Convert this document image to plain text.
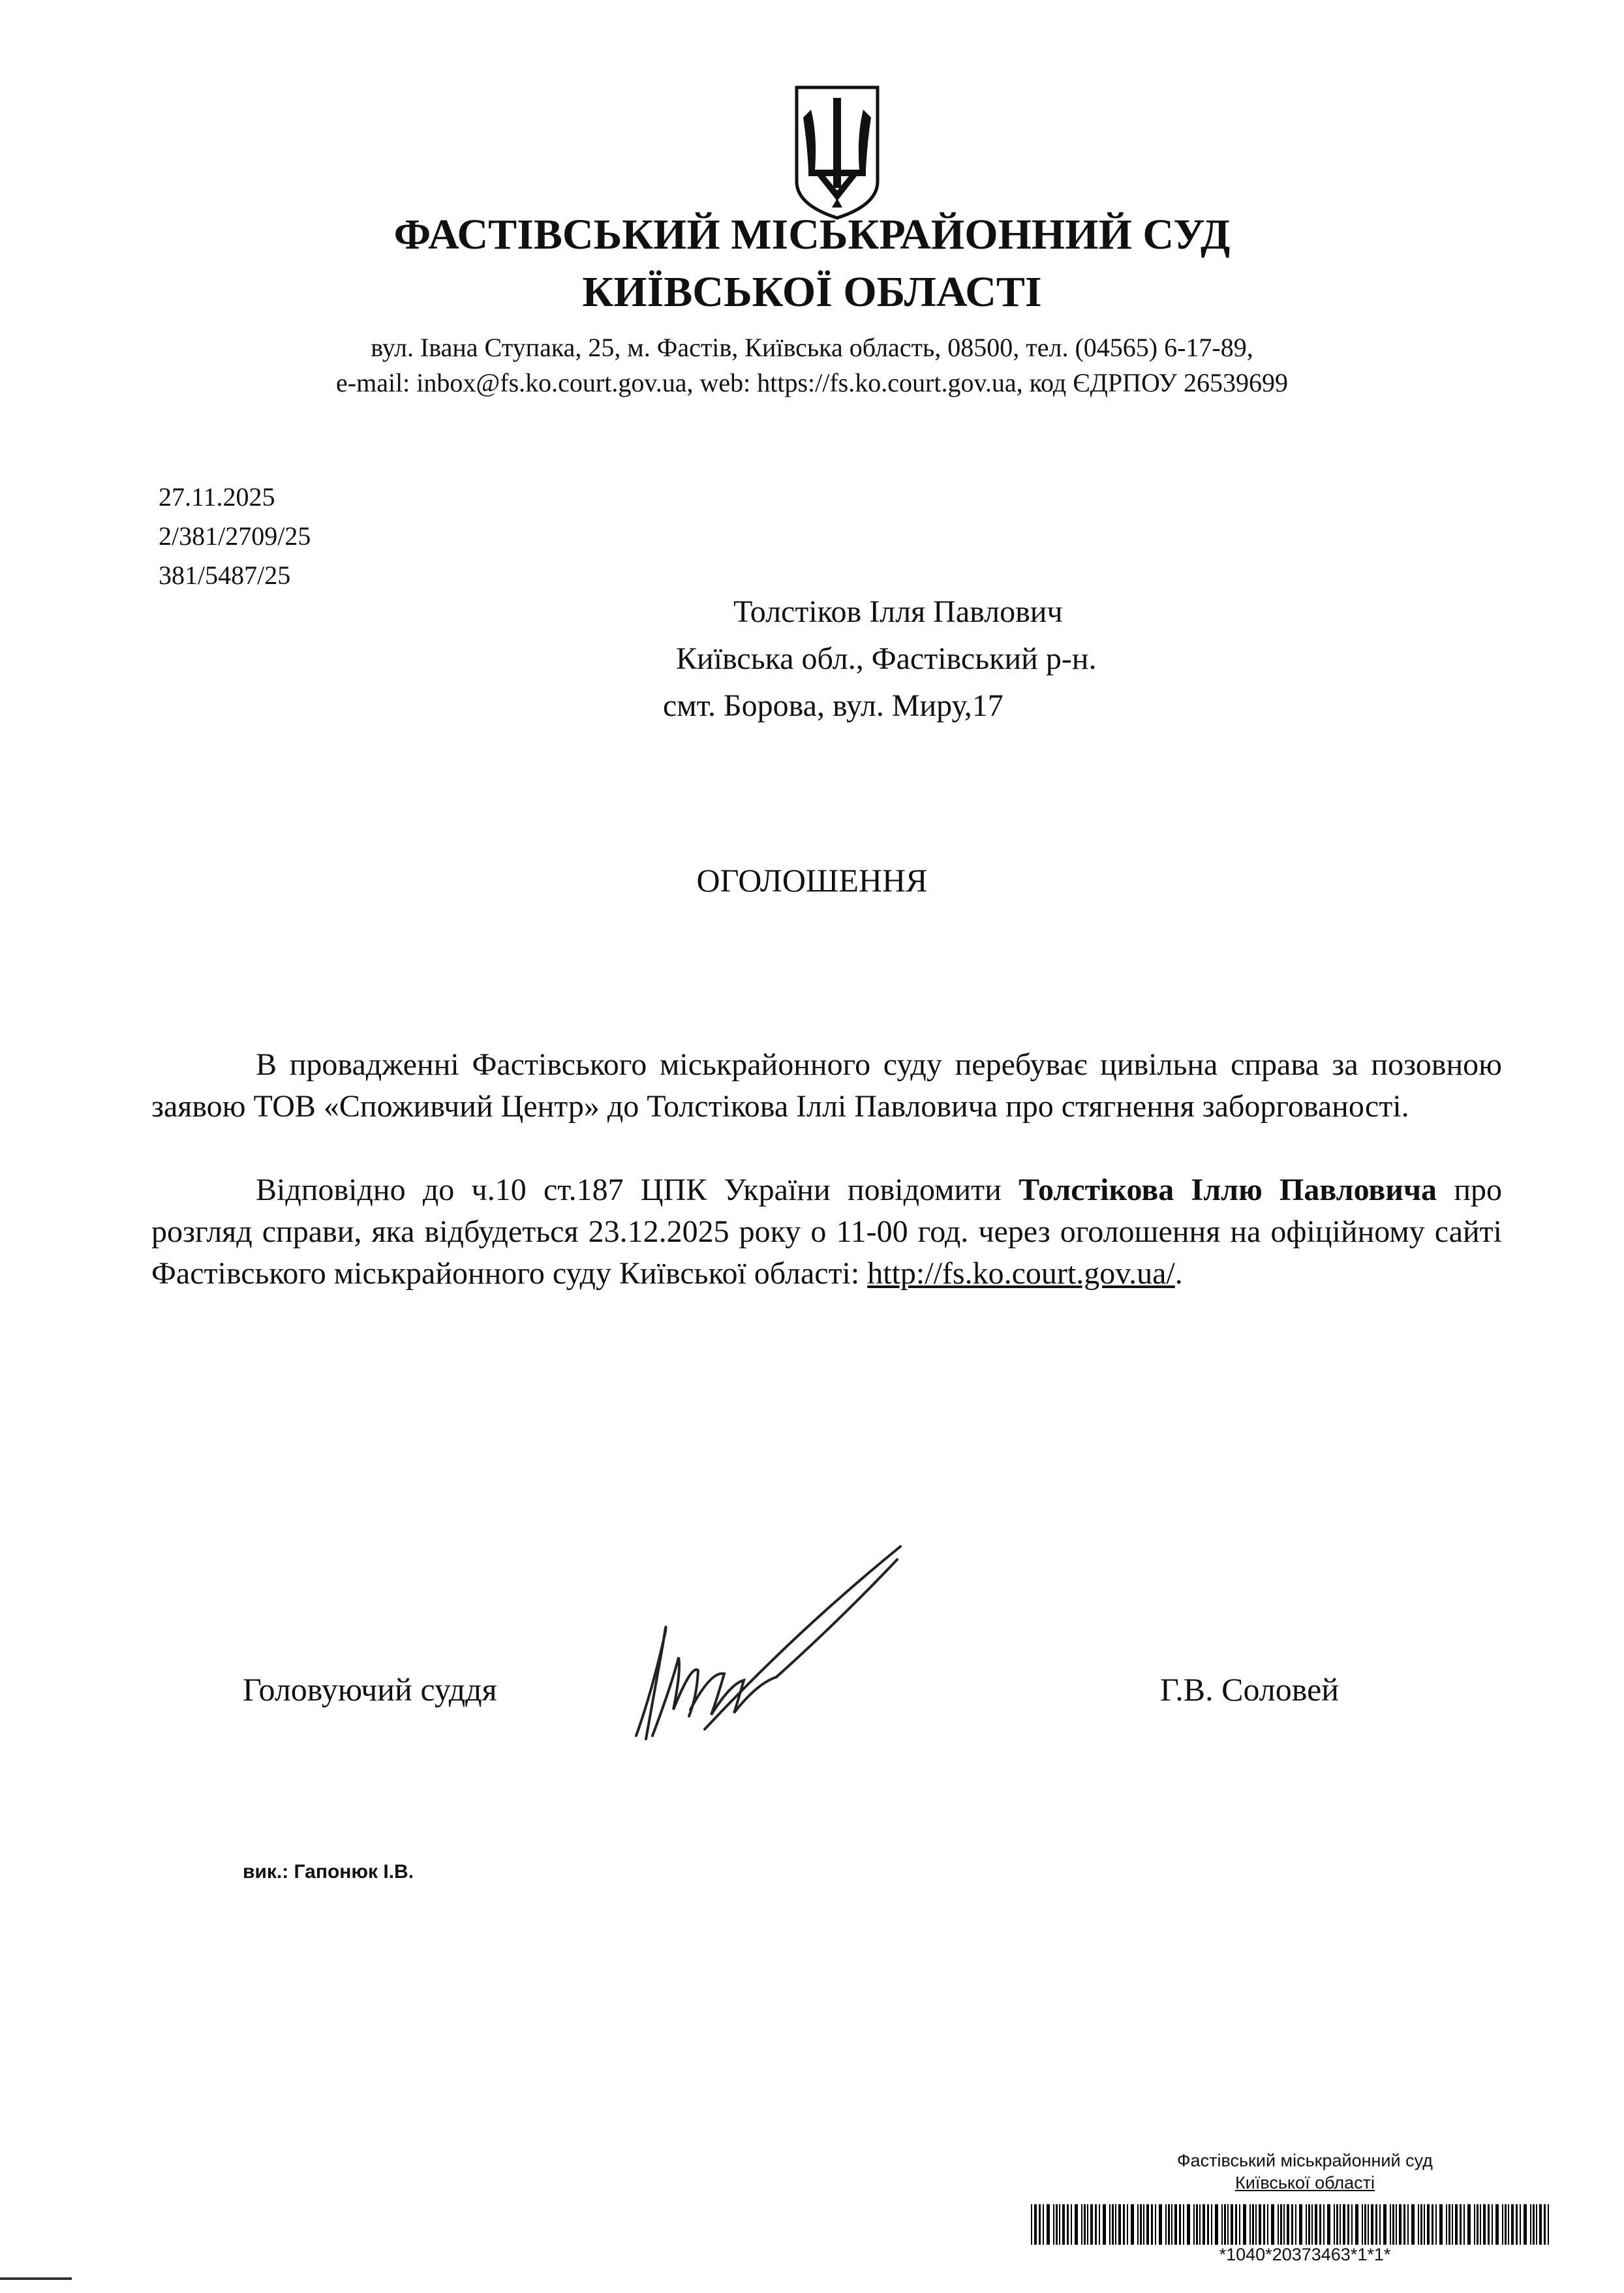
ФАСТІВСЬКИЙ МІСЬКРАЙОННИЙ СУД
КИЇВСЬКОЇ ОБЛАСТІ
вул. Івана Ступака, 25, м. Фастів, Київська область, 08500, тел. (04565) 6-17-89,
e-mail: inbox@fs.ko.court.gov.ua, web: https://fs.ko.court.gov.ua, код ЄДРПОУ 26539699
27.11.2025
2/381/2709/25
381/5487/25
Толстіков Ілля Павлович
Київська обл., Фастівський р-н.
смт. Борова, вул. Миру,17
ОГОЛОШЕННЯ
В провадженні Фастівського міськрайонного суду перебуває цивільна справа за позовною заявою ТОВ «Споживчий Центр» до Толстікова Іллі Павловича про стягнення заборгованості.
Відповідно до ч.10 ст.187 ЦПК України повідомити Толстікова Іллю Павловича про розгляд справи, яка відбудеться 23.12.2025 року о 11-00 год. через оголошення на офіційному сайті Фастівського міськрайонного суду Київської області: http://fs.ko.court.gov.ua/.
Головуючий суддя	Г.В. Соловей
вик.: Гапонюк І.В.
Фастівський міськрайонний суд
Київської області
*1040*20373463*1*1*
